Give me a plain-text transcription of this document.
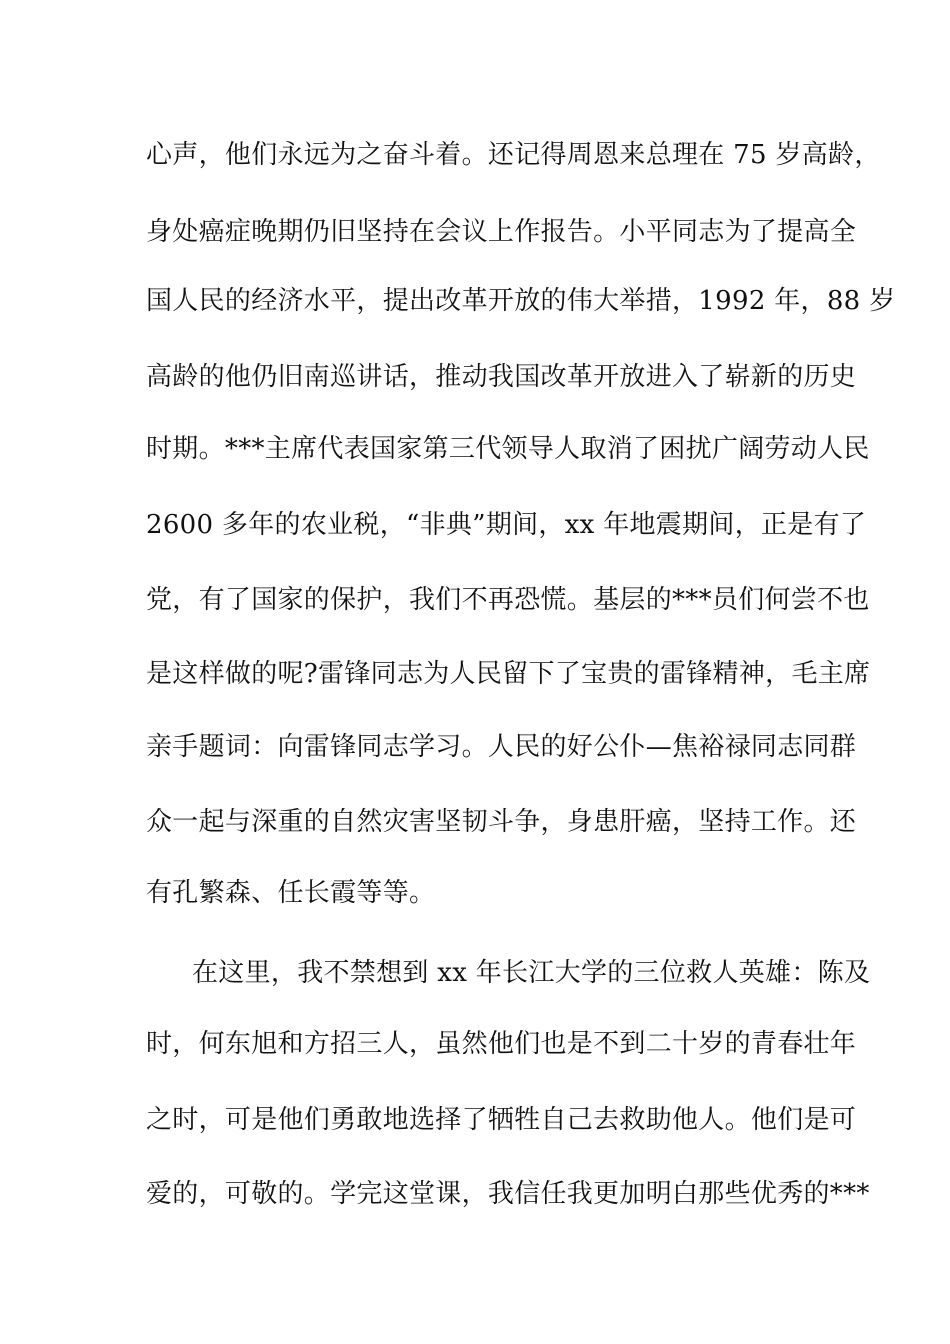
心声，他们永远为之奋斗着。还记得周恩来总理在 75 岁高龄，
身处癌症晚期仍旧坚持在会议上作报告。小平同志为了提高全
国人民的经济水平，提出改革开放的伟大举措，1992 年，88 岁
高龄的他仍旧南巡讲话，推动我国改革开放进入了崭新的历史
时期。***主席代表国家第三代领导人取消了困扰广阔劳动人民
2600 多年的农业税，“非典”期间，xx 年地震期间，正是有了
党，有了国家的保护，我们不再恐慌。基层的***员们何尝不也
是这样做的呢?雷锋同志为人民留下了宝贵的雷锋精神，毛主席
亲手题词：向雷锋同志学习。人民的好公仆—焦裕禄同志同群
众一起与深重的自然灾害坚韧斗争，身患肝癌，坚持工作。还
有孔繁森、任长霞等等。
在这里，我不禁想到 xx 年长江大学的三位救人英雄：陈及
时，何东旭和方招三人，虽然他们也是不到二十岁的青春壮年
之时，可是他们勇敢地选择了牺牲自己去救助他人。他们是可
爱的，可敬的。学完这堂课，我信任我更加明白那些优秀的***
